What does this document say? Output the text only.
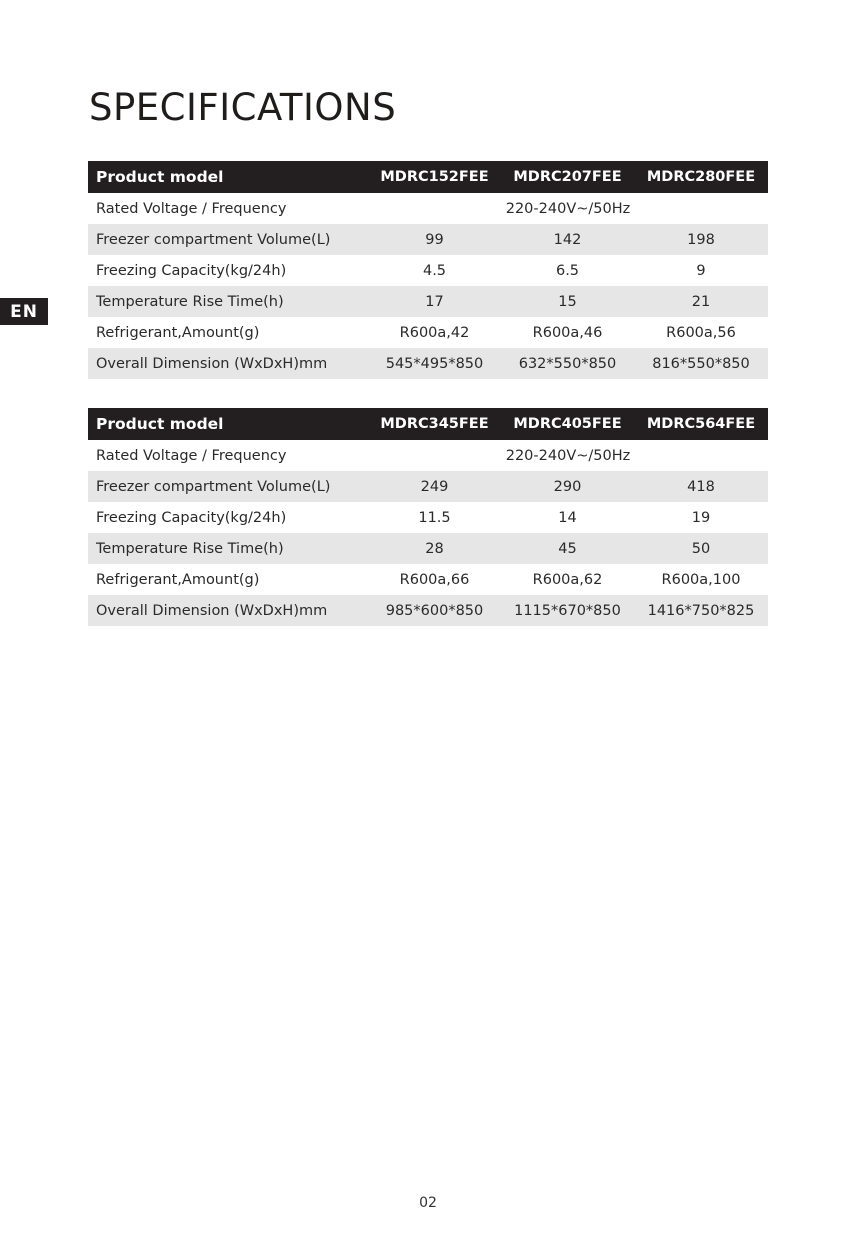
SPECIFICATIONS
EN
Product model	MDRC152FEE	MDRC207FEE	MDRC280FEE
Rated Voltage / Frequency	220-240V~/50Hz		
Freezer compartment Volume(L)	99	142	198
Freezing Capacity(kg/24h)	4.5	6.5	9
Temperature Rise Time(h)	17	15	21
Refrigerant,Amount(g)	R600a,42	R600a,46	R600a,56
Overall Dimension (WxDxH)mm	545*495*850	632*550*850	816*550*850
Product model	MDRC345FEE	MDRC405FEE	MDRC564FEE
Rated Voltage / Frequency	220-240V~/50Hz		
Freezer compartment Volume(L)	249	290	418
Freezing Capacity(kg/24h)	11.5	14	19
Temperature Rise Time(h)	28	45	50
Refrigerant,Amount(g)	R600a,66	R600a,62	R600a,100
Overall Dimension (WxDxH)mm	985*600*850	1115*670*850	1416*750*825
02
